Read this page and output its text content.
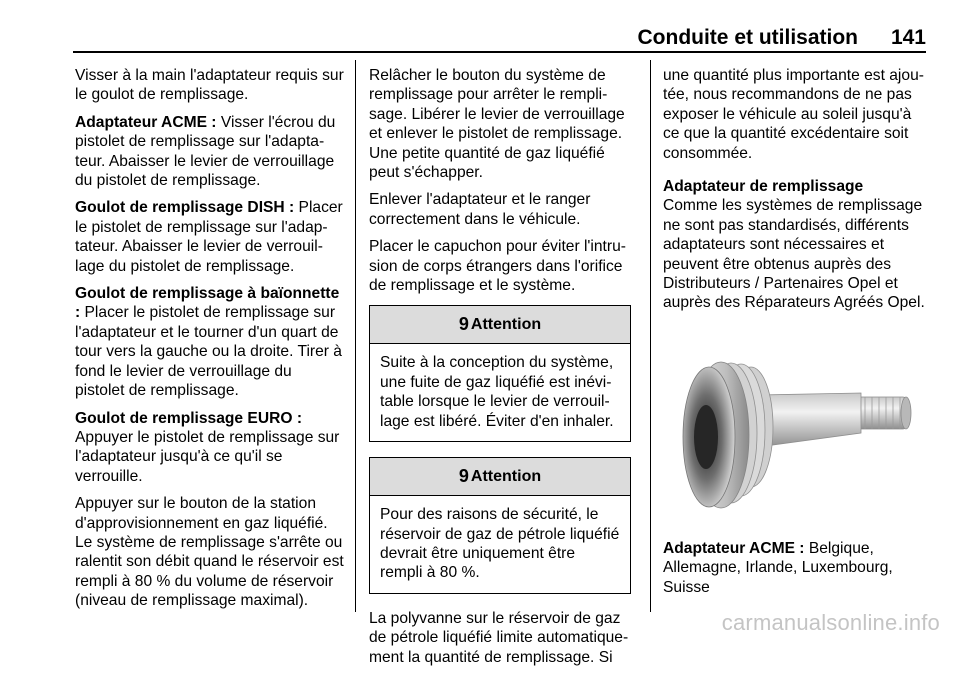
Conduite et utilisation 141

Visser à la main l'adaptateur requis sur le goulot de remplissage.

Adaptateur ACME : Visser l'écrou du pistolet de remplissage sur l'adaptateur. Abaisser le levier de verrouillage du pistolet de remplissage.

Goulot de remplissage DISH : Placer le pistolet de remplissage sur l'adaptateur. Abaisser le levier de verrouillage du pistolet de remplissage.

Goulot de remplissage à baïonnette : Placer le pistolet de remplissage sur l'adaptateur et le tourner d'un quart de tour vers la gauche ou la droite. Tirer à fond le levier de verrouillage du pistolet de remplissage.

Goulot de remplissage EURO : Appuyer le pistolet de remplissage sur l'adaptateur jusqu'à ce qu'il se verrouille.

Appuyer sur le bouton de la station d'approvisionnement en gaz liquéfié. Le système de remplissage s'arrête ou ralentit son débit quand le réservoir est rempli à 80 % du volume de réservoir (niveau de remplissage maximal).

Relâcher le bouton du système de remplissage pour arrêter le remplisage. Libérer le levier de verrouillage et enlever le pistolet de remplissage. Une petite quantité de gaz liquéfié peut s'échapper.

Enlever l'adaptateur et le ranger correctement dans le véhicule.

Placer le capuchon pour éviter l'intrusion de corps étrangers dans l'orifice de remplissage et le système.

9 Attention
Suite à la conception du système, une fuite de gaz liquéfié est inévitable lorsque le levier de verrouillage est libéré. Éviter d'en inhaler.
9 Attention
Pour des raisons de sécurité, le réservoir de gaz de pétrole liquéfié devrait être uniquement être rempli à 80 %.

La polyvanne sur le réservoir de gaz de pétrole liquéfié limite automatiquement la quantité de remplissage. Si

une quantité plus importante est ajoutée, nous recommandons de ne pas exposer le véhicule au soleil jusqu'à ce que la quantité excédentaire soit consommée.

Adaptateur de remplissage

Comme les systèmes de remplissage ne sont pas standardisés, différents adaptateurs sont nécessaires et peuvent être obtenus auprès des Distributeurs / Partenaires Opel et auprès des Réparateurs Agréés Opel.

Adaptateur ACME : Belgique, Allemagne, Irlande, Luxembourg, Suisse

carmanualsonline.info
